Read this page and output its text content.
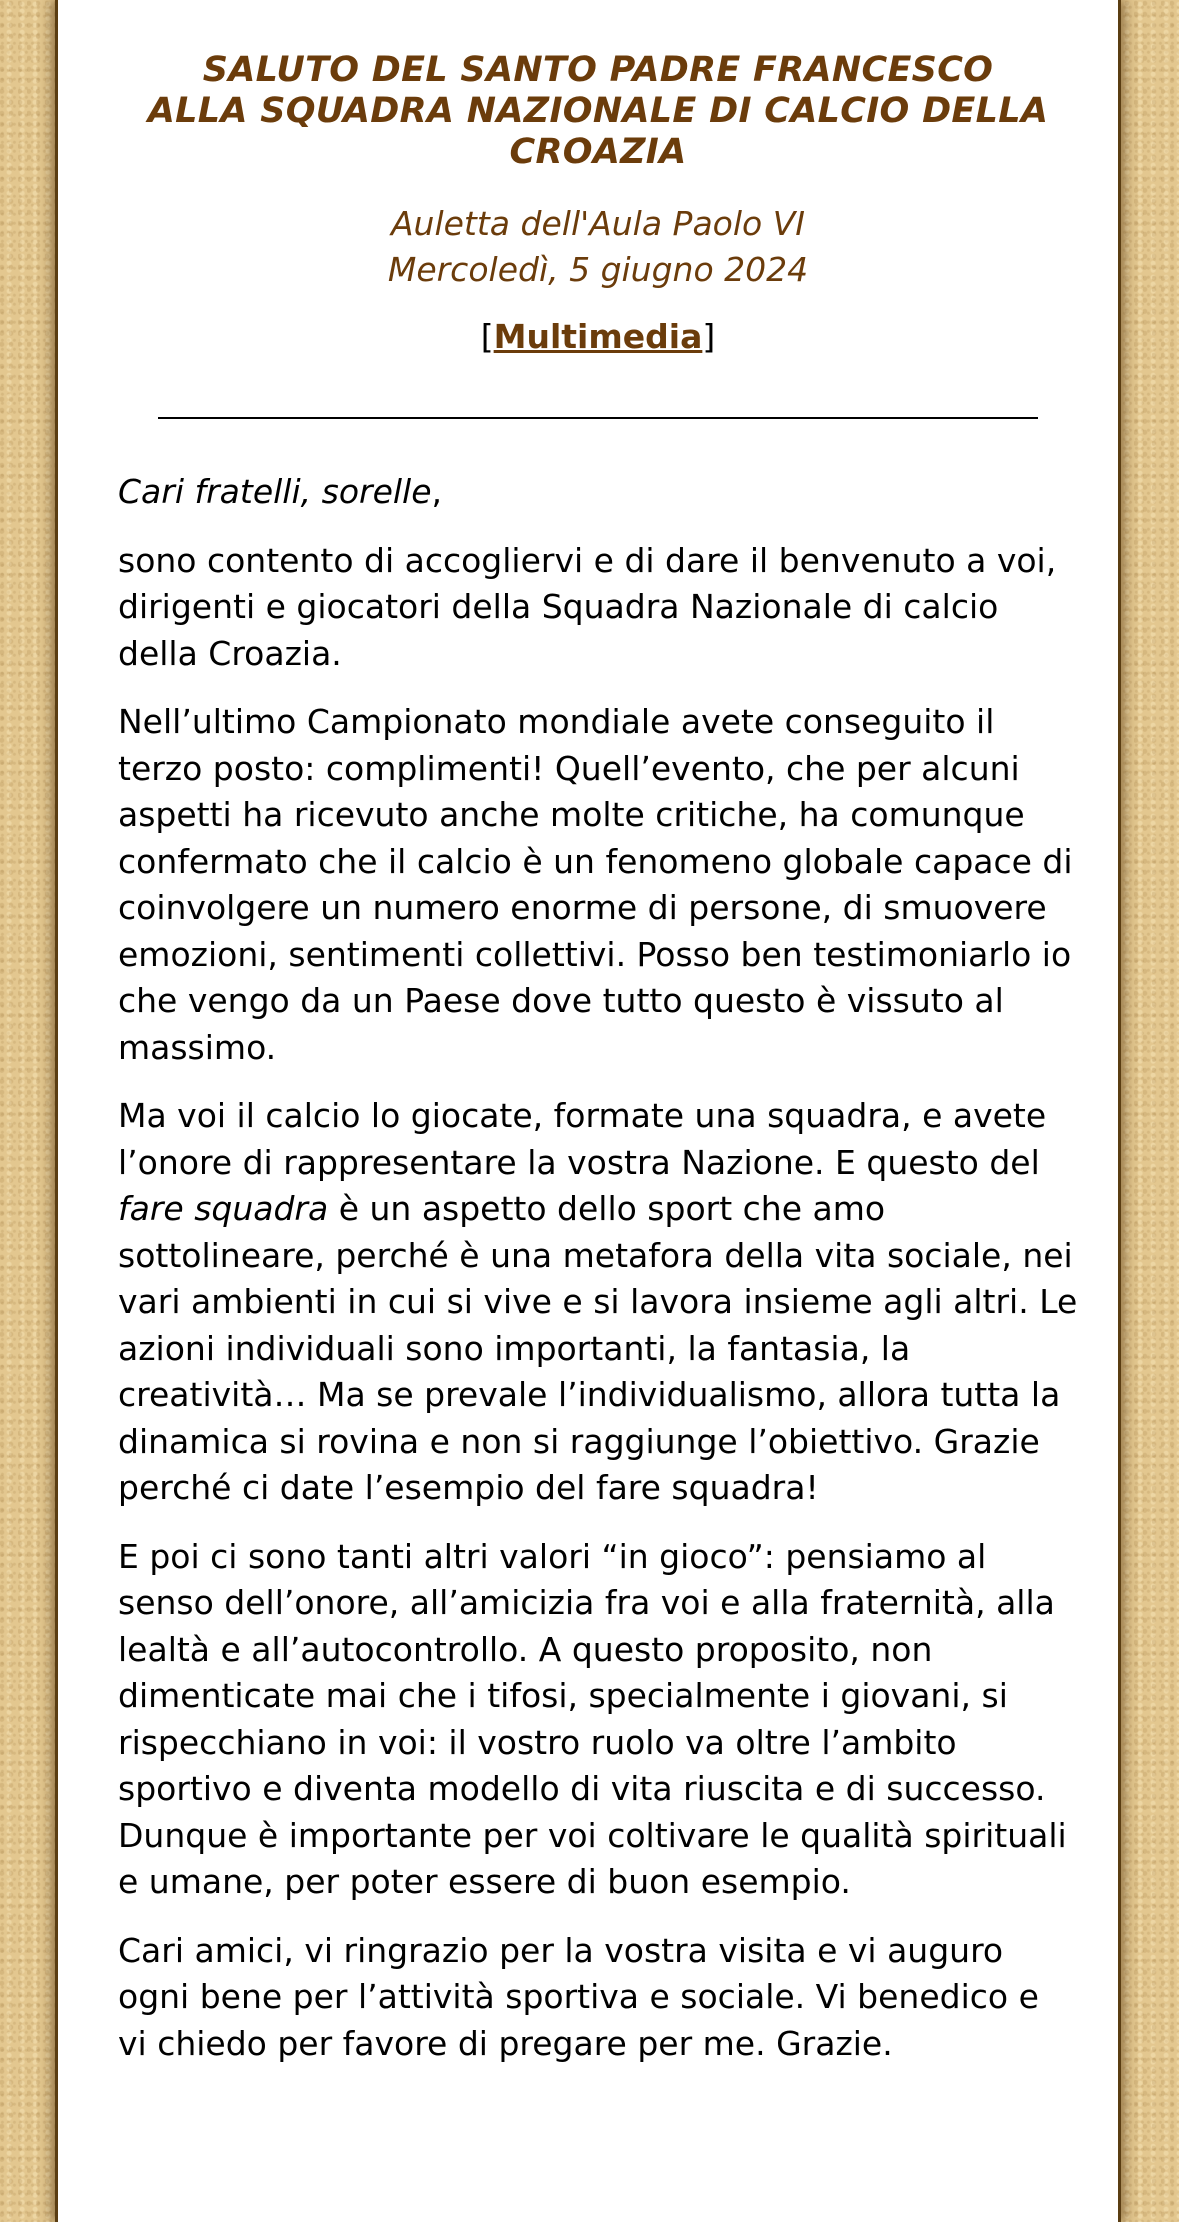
SALUTO DEL SANTO PADRE FRANCESCO
ALLA SQUADRA NAZIONALE DI CALCIO DELLA CROAZIA
Auletta dell'Aula Paolo VI
Mercoledì, 5 giugno 2024
[Multimedia]

Cari fratelli, sorelle,

sono contento di accogliervi e di dare il benvenuto a voi, dirigenti e giocatori della Squadra Nazionale di calcio della Croazia.

Nell’ultimo Campionato mondiale avete conseguito il terzo posto: complimenti! Quell’evento, che per alcuni aspetti ha ricevuto anche molte critiche, ha comunque confermato che il calcio è un fenomeno globale capace di coinvolgere un numero enorme di persone, di smuovere emozioni, sentimenti collettivi. Posso ben testimoniarlo io che vengo da un Paese dove tutto questo è vissuto al massimo.

Ma voi il calcio lo giocate, formate una squadra, e avete l’onore di rappresentare la vostra Nazione. E questo del fare squadra è un aspetto dello sport che amo sottolineare, perché è una metafora della vita sociale, nei vari ambienti in cui si vive e si lavora insieme agli altri. Le azioni individuali sono importanti, la fantasia, la creatività… Ma se prevale l’individualismo, allora tutta la dinamica si rovina e non si raggiunge l’obiettivo. Grazie perché ci date l’esempio del fare squadra!

E poi ci sono tanti altri valori “in gioco”: pensiamo al senso dell’onore, all’amicizia fra voi e alla fraternità, alla lealtà e all’autocontrollo. A questo proposito, non dimenticate mai che i tifosi, specialmente i giovani, si rispecchiano in voi: il vostro ruolo va oltre l’ambito sportivo e diventa modello di vita riuscita e di successo. Dunque è importante per voi coltivare le qualità spirituali e umane, per poter essere di buon esempio.

Cari amici, vi ringrazio per la vostra visita e vi auguro ogni bene per l’attività sportiva e sociale. Vi benedico e vi chiedo per favore di pregare per me. Grazie.
